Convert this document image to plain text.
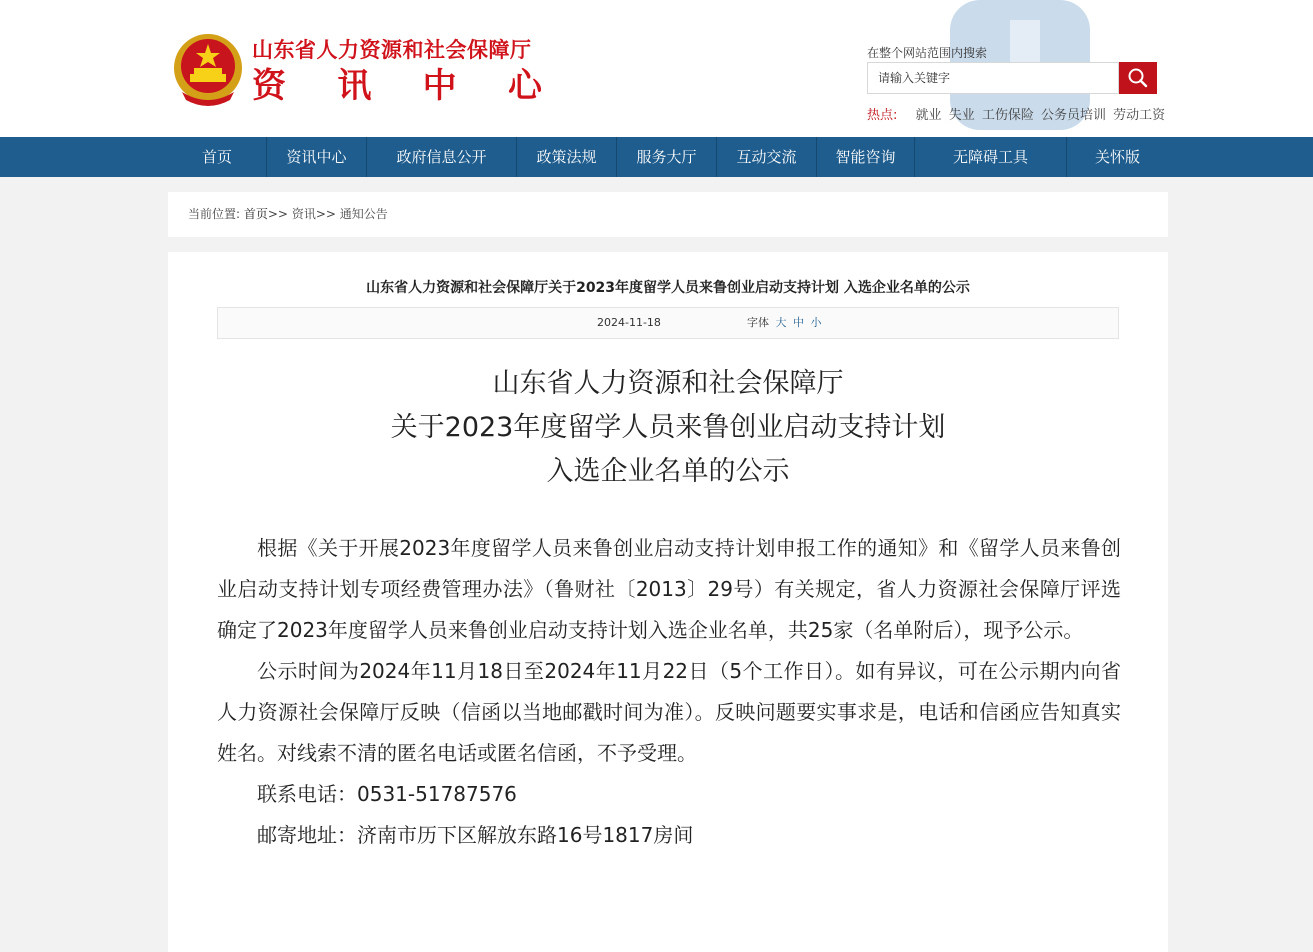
山东省人力资源和社会保障厅
资 讯 中 心
在整个网站范围内搜索
请输入关键字
热点: 就业 失业 工伤保险 公务员培训 劳动工资
首页	资讯中心	政府信息公开	政策法规	服务大厅	互动交流	智能咨询	无障碍工具	关怀版
当前位置: 首页>> 资讯>> 通知公告
山东省人力资源和社会保障厅关于2023年度留学人员来鲁创业启动支持计划 入选企业名单的公示
2024-11-18	字体 大 中 小
山东省人力资源和社会保障厅
关于2023年度留学人员来鲁创业启动支持计划
入选企业名单的公示

根据《关于开展2023年度留学人员来鲁创业启动支持计划申报工作的通知》和《留学人员来鲁创业启动支持计划专项经费管理办法》（鲁财社〔2013〕29号）有关规定，省人力资源社会保障厅评选确定了2023年度留学人员来鲁创业启动支持计划入选企业名单，共25家（名单附后），现予公示。

公示时间为2024年11月18日至2024年11月22日（5个工作日）。如有异议，可在公示期内向省人力资源社会保障厅反映（信函以当地邮戳时间为准）。反映问题要实事求是，电话和信函应告知真实姓名。对线索不清的匿名电话或匿名信函，不予受理。

联系电话：0531-51787576

邮寄地址：济南市历下区解放东路16号1817房间
